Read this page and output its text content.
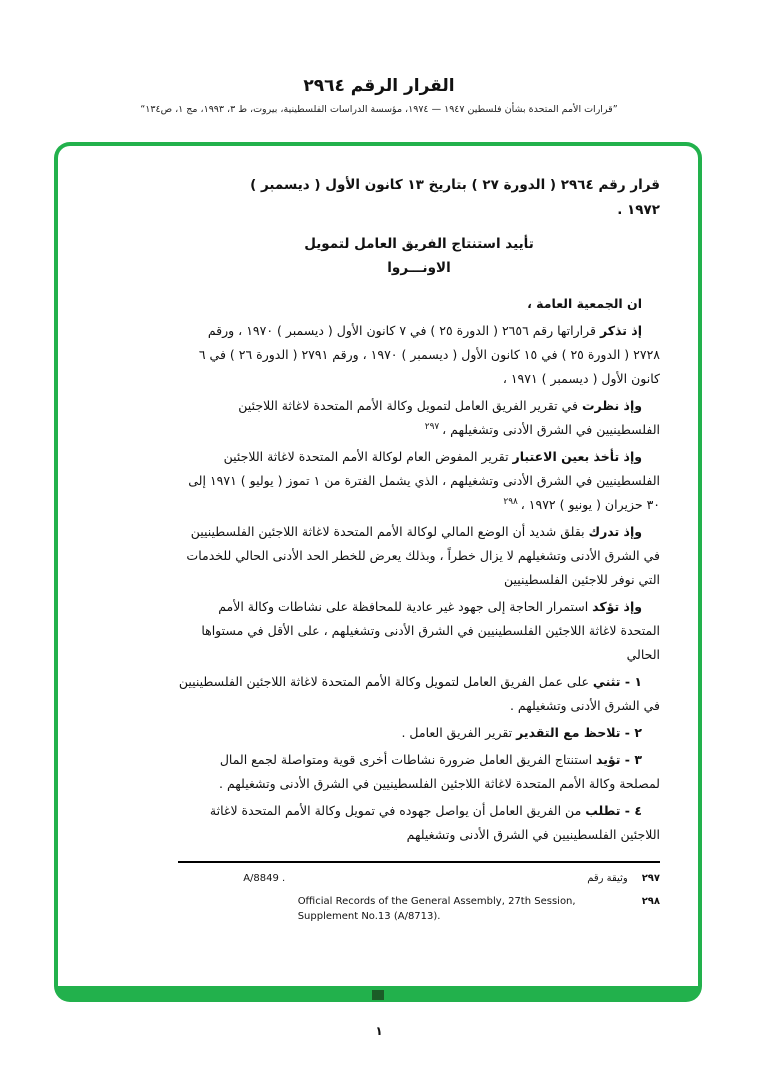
القرار الرقم ٢٩٦٤
”قرارات الأمم المتحدة بشأن فلسطين ١٩٤٧ — ١٩٧٤، مؤسسة الدراسات الفلسطينية، بيروت، ط ٣، ١٩٩٣، مج ١، ص١٣٤“
قرار رقم ٢٩٦٤ ( الدورة ٢٧ ) بتاريخ ١٣ كانون الأول ( ديسمبر )
١٩٧٢ .
تأييد استنتاج الفريق العامل لتمويل
الاونـــروا
ان الجمعية العامة ،
إذ تذكر قراراتها رقم ٢٦٥٦ ( الدورة ٢٥ ) في ٧ كانون الأول ( ديسمبر ) ١٩٧٠ ، ورقم ٢٧٢٨ ( الدورة ٢٥ ) في ١٥ كانون الأول ( ديسمبر ) ١٩٧٠ ، ورقم ٢٧٩١ ( الدورة ٢٦ ) في ٦ كانون الأول ( ديسمبر ) ١٩٧١ ،
وإذ نظرت في تقرير الفريق العامل لتمويل وكالة الأمم المتحدة لاغاثة اللاجئين الفلسطينيين في الشرق الأدنى وتشغيلهم ، $^{٢٩٧}$
وإذ تأخذ بعين الاعتبار تقرير المفوض العام لوكالة الأمم المتحدة لاغاثة اللاجئين الفلسطينيين في الشرق الأدنى وتشغيلهم ، الذي يشمل الفترة من ١ تموز ( يوليو ) ١٩٧١ إلى ٣٠ حزيران ( يونيو ) ١٩٧٢ ، $^{٢٩٨}$
وإذ تدرك بقلق شديد أن الوضع المالي لوكالة الأمم المتحدة لاغاثة اللاجئين الفلسطينيين في الشرق الأدنى وتشغيلهم لا يزال خطراً ، وبذلك يعرض للخطر الحد الأدنى الحالي للخدمات التي نوفر للاجئين الفلسطينيين
وإذ تؤكد استمرار الحاجة إلى جهود غير عادية للمحافظة على نشاطات وكالة الأمم المتحدة لاغاثة اللاجئين الفلسطينيين في الشرق الأدنى وتشغيلهم ، على الأقل في مستواها الحالي
١ - تثني على عمل الفريق العامل لتمويل وكالة الأمم المتحدة لاغاثة اللاجئين الفلسطينيين في الشرق الأدنى وتشغيلهم .
٢ - تلاحظ مع التقدير تقرير الفريق العامل .
٣ - تؤيد استنتاج الفريق العامل ضرورة نشاطات أخرى قوية ومتواصلة لجمع المال لمصلحة وكالة الأمم المتحدة لاغاثة اللاجئين الفلسطينيين في الشرق الأدنى وتشغيلهم .
٤ - تطلب من الفريق العامل أن يواصل جهوده في تمويل وكالة الأمم المتحدة لاغاثة اللاجئين الفلسطينيين في الشرق الأدنى وتشغيلهم
٢٩٧
وثيقة رقم
A/8849 .
٢٩٨
Official Records of the General Assembly, 27th Session, Supplement No.13 (A/8713).
١
